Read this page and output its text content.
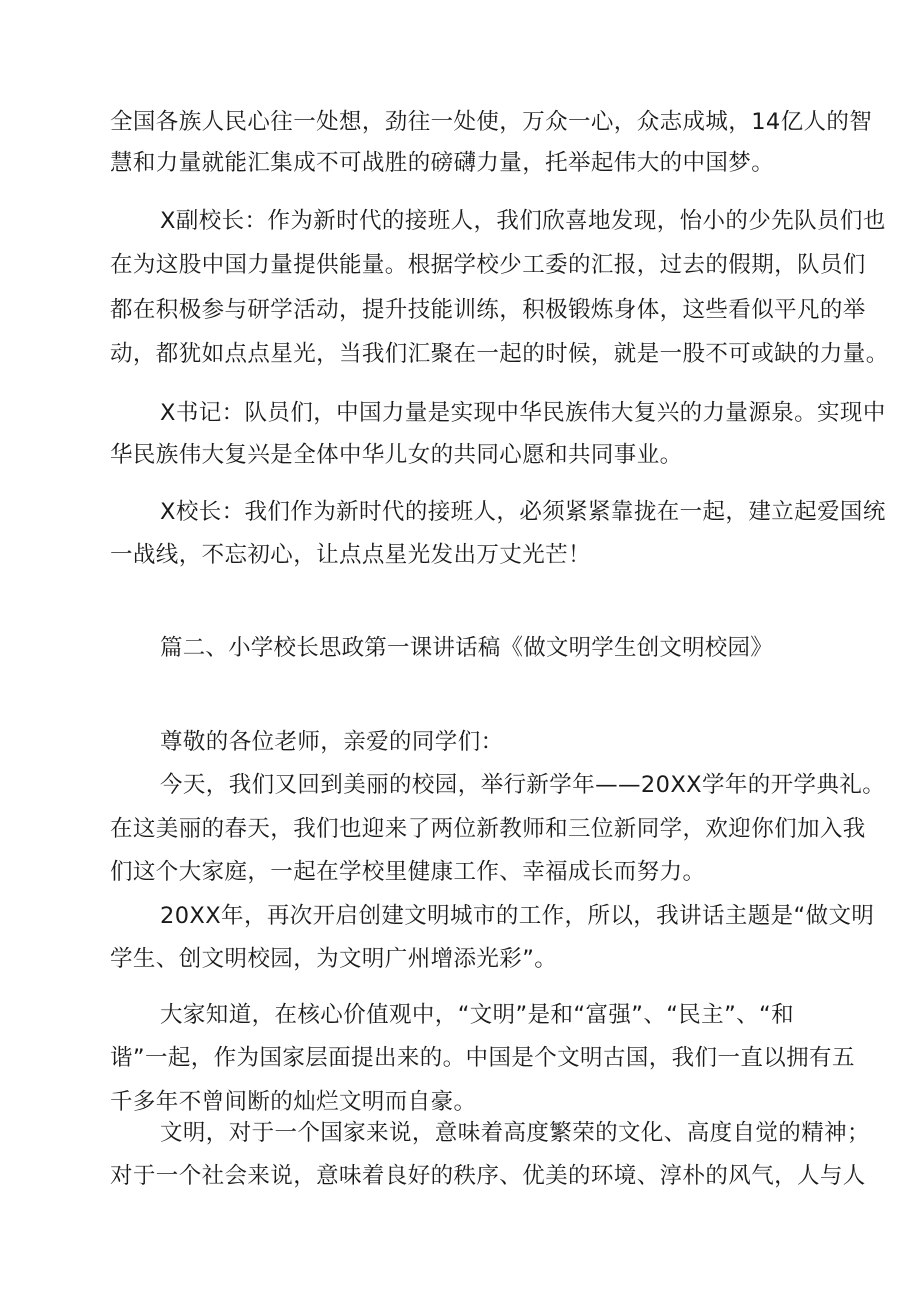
全国各族人民心往一处想，劲往一处使，万众一心，众志成城，14亿人的智
慧和力量就能汇集成不可战胜的磅礴力量，托举起伟大的中国梦。
X副校长：作为新时代的接班人，我们欣喜地发现，怡小的少先队员们也
在为这股中国力量提供能量。根据学校少工委的汇报，过去的假期，队员们
都在积极参与研学活动，提升技能训练，积极锻炼身体，这些看似平凡的举
动，都犹如点点星光，当我们汇聚在一起的时候，就是一股不可或缺的力量。
X书记：队员们，中国力量是实现中华民族伟大复兴的力量源泉。实现中
华民族伟大复兴是全体中华儿女的共同心愿和共同事业。
X校长：我们作为新时代的接班人，必须紧紧靠拢在一起，建立起爱国统
一战线，不忘初心，让点点星光发出万丈光芒！
篇二、小学校长思政第一课讲话稿《做文明学生创文明校园》
尊敬的各位老师，亲爱的同学们：
今天，我们又回到美丽的校园，举行新学年——20XX学年的开学典礼。
在这美丽的春天，我们也迎来了两位新教师和三位新同学，欢迎你们加入我
们这个大家庭，一起在学校里健康工作、幸福成长而努力。
20XX年，再次开启创建文明城市的工作，所以，我讲话主题是“做文明
学生、创文明校园，为文明广州增添光彩”。
大家知道，在核心价值观中，“文明”是和“富强”、“民主”、“和
谐”一起，作为国家层面提出来的。中国是个文明古国，我们一直以拥有五
千多年不曾间断的灿烂文明而自豪。
文明，对于一个国家来说，意味着高度繁荣的文化、高度自觉的精神；
对于一个社会来说，意味着良好的秩序、优美的环境、淳朴的风气，人与人
